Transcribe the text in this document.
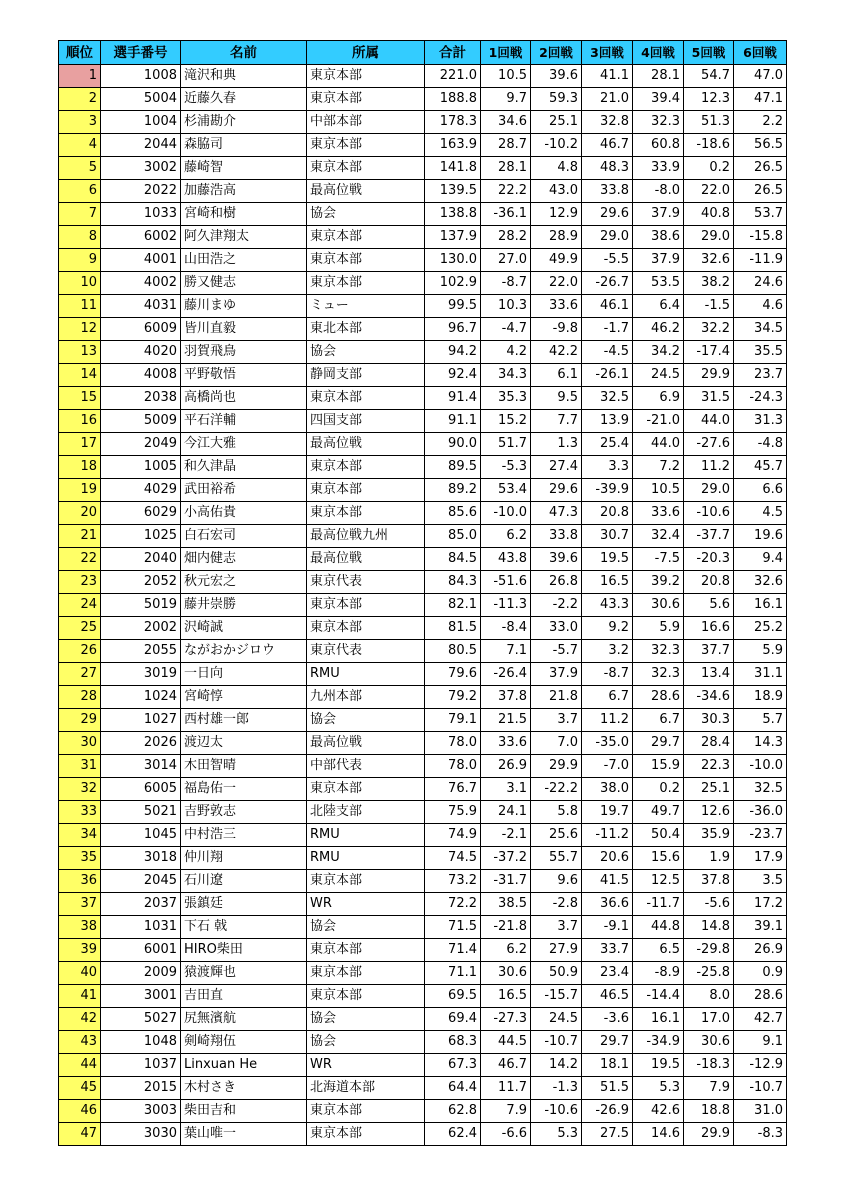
順位	選手番号	名前	所属	合計	1回戦	2回戦	3回戦	4回戦	5回戦	6回戦
1	1008	滝沢和典	東京本部	221.0	10.5	39.6	41.1	28.1	54.7	47.0
2	5004	近藤久春	東京本部	188.8	9.7	59.3	21.0	39.4	12.3	47.1
3	1004	杉浦勘介	中部本部	178.3	34.6	25.1	32.8	32.3	51.3	2.2
4	2044	森脇司	東京本部	163.9	28.7	-10.2	46.7	60.8	-18.6	56.5
5	3002	藤崎智	東京本部	141.8	28.1	4.8	48.3	33.9	0.2	26.5
6	2022	加藤浩高	最高位戦	139.5	22.2	43.0	33.8	-8.0	22.0	26.5
7	1033	宮崎和樹	協会	138.8	-36.1	12.9	29.6	37.9	40.8	53.7
8	6002	阿久津翔太	東京本部	137.9	28.2	28.9	29.0	38.6	29.0	-15.8
9	4001	山田浩之	東京本部	130.0	27.0	49.9	-5.5	37.9	32.6	-11.9
10	4002	勝又健志	東京本部	102.9	-8.7	22.0	-26.7	53.5	38.2	24.6
11	4031	藤川まゆ	ミュー	99.5	10.3	33.6	46.1	6.4	-1.5	4.6
12	6009	皆川直毅	東北本部	96.7	-4.7	-9.8	-1.7	46.2	32.2	34.5
13	4020	羽賀飛鳥	協会	94.2	4.2	42.2	-4.5	34.2	-17.4	35.5
14	4008	平野敬悟	静岡支部	92.4	34.3	6.1	-26.1	24.5	29.9	23.7
15	2038	高橋尚也	東京本部	91.4	35.3	9.5	32.5	6.9	31.5	-24.3
16	5009	平石洋輔	四国支部	91.1	15.2	7.7	13.9	-21.0	44.0	31.3
17	2049	今江大雅	最高位戦	90.0	51.7	1.3	25.4	44.0	-27.6	-4.8
18	1005	和久津晶	東京本部	89.5	-5.3	27.4	3.3	7.2	11.2	45.7
19	4029	武田裕希	東京本部	89.2	53.4	29.6	-39.9	10.5	29.0	6.6
20	6029	小高佑貴	東京本部	85.6	-10.0	47.3	20.8	33.6	-10.6	4.5
21	1025	白石宏司	最高位戦九州	85.0	6.2	33.8	30.7	32.4	-37.7	19.6
22	2040	畑内健志	最高位戦	84.5	43.8	39.6	19.5	-7.5	-20.3	9.4
23	2052	秋元宏之	東京代表	84.3	-51.6	26.8	16.5	39.2	20.8	32.6
24	5019	藤井崇勝	東京本部	82.1	-11.3	-2.2	43.3	30.6	5.6	16.1
25	2002	沢崎誠	東京本部	81.5	-8.4	33.0	9.2	5.9	16.6	25.2
26	2055	ながおかジロウ	東京代表	80.5	7.1	-5.7	3.2	32.3	37.7	5.9
27	3019	一日向	RMU	79.6	-26.4	37.9	-8.7	32.3	13.4	31.1
28	1024	宮崎惇	九州本部	79.2	37.8	21.8	6.7	28.6	-34.6	18.9
29	1027	西村雄一郎	協会	79.1	21.5	3.7	11.2	6.7	30.3	5.7
30	2026	渡辺太	最高位戦	78.0	33.6	7.0	-35.0	29.7	28.4	14.3
31	3014	木田智晴	中部代表	78.0	26.9	29.9	-7.0	15.9	22.3	-10.0
32	6005	福島佑一	東京本部	76.7	3.1	-22.2	38.0	0.2	25.1	32.5
33	5021	吉野敦志	北陸支部	75.9	24.1	5.8	19.7	49.7	12.6	-36.0
34	1045	中村浩三	RMU	74.9	-2.1	25.6	-11.2	50.4	35.9	-23.7
35	3018	仲川翔	RMU	74.5	-37.2	55.7	20.6	15.6	1.9	17.9
36	2045	石川遼	東京本部	73.2	-31.7	9.6	41.5	12.5	37.8	3.5
37	2037	張鎮廷	WR	72.2	38.5	-2.8	36.6	-11.7	-5.6	17.2
38	1031	下石 戟	協会	71.5	-21.8	3.7	-9.1	44.8	14.8	39.1
39	6001	HIRO柴田	東京本部	71.4	6.2	27.9	33.7	6.5	-29.8	26.9
40	2009	猿渡輝也	東京本部	71.1	30.6	50.9	23.4	-8.9	-25.8	0.9
41	3001	吉田直	東京本部	69.5	16.5	-15.7	46.5	-14.4	8.0	28.6
42	5027	尻無濱航	協会	69.4	-27.3	24.5	-3.6	16.1	17.0	42.7
43	1048	剣崎翔伍	協会	68.3	44.5	-10.7	29.7	-34.9	30.6	9.1
44	1037	Linxuan He	WR	67.3	46.7	14.2	18.1	19.5	-18.3	-12.9
45	2015	木村さき	北海道本部	64.4	11.7	-1.3	51.5	5.3	7.9	-10.7
46	3003	柴田吉和	東京本部	62.8	7.9	-10.6	-26.9	42.6	18.8	31.0
47	3030	葉山唯一	東京本部	62.4	-6.6	5.3	27.5	14.6	29.9	-8.3
